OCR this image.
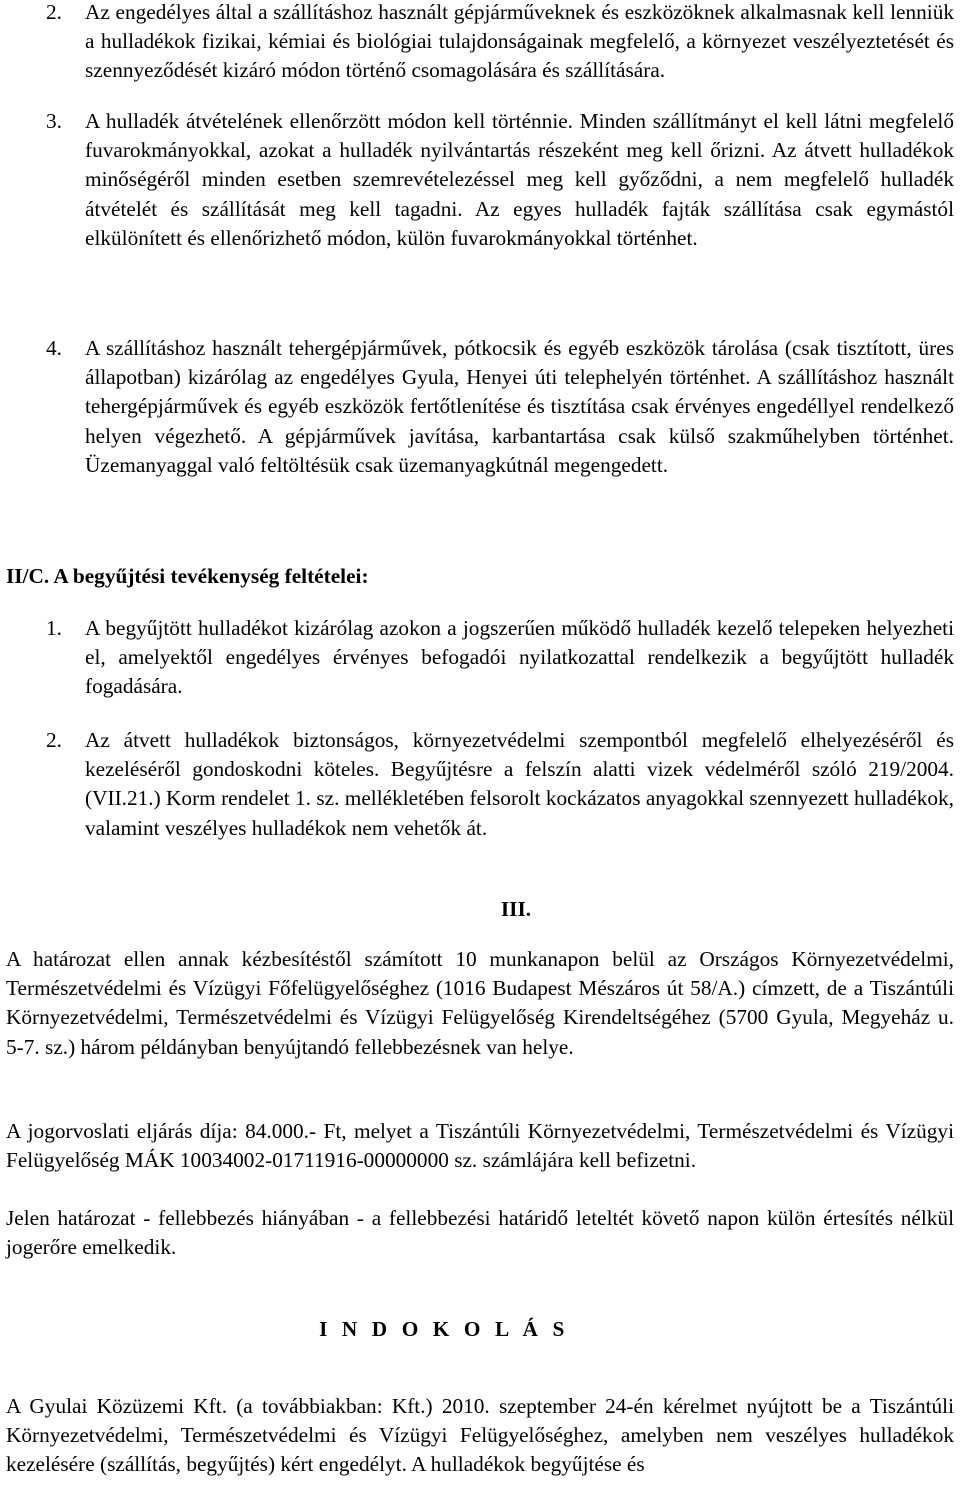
2.	Az engedélyes által a szállításhoz használt gépjárműveknek és eszközöknek alkalmasnak kell lenniük a hulladékok fizikai, kémiai és biológiai tulajdonságainak megfelelő, a környezet veszélyeztetését és szennyeződését kizáró módon történő csomagolására és szállítására.
3.	A hulladék átvételének ellenőrzött módon kell történnie. Minden szállítmányt el kell látni megfelelő fuvarokmányokkal, azokat a hulladék nyilvántartás részeként meg kell őrizni. Az átvett hulladékok minőségéről minden esetben szemrevételezéssel meg kell győződni, a nem megfelelő hulladék átvételét és szállítását meg kell tagadni. Az egyes hulladék fajták szállítása csak egymástól elkülönített és ellenőrizhető módon, külön fuvarokmányokkal történhet.
4.	A szállításhoz használt tehergépjárművek, pótkocsik és egyéb eszközök tárolása (csak tisztított, üres állapotban) kizárólag az engedélyes Gyula, Henyei úti telephelyén történhet. A szállításhoz használt tehergépjárművek és egyéb eszközök fertőtlenítése és tisztítása csak érvényes engedéllyel rendelkező helyen végezhető. A gépjárművek javítása, karbantartása csak külső szakműhelyben történhet. Üzemanyaggal való feltöltésük csak üzemanyagkútnál megengedett.
II/C. A begyűjtési tevékenység feltételei:
1.	A begyűjtött hulladékot kizárólag azokon a jogszerűen működő hulladék kezelő telepeken helyezheti el, amelyektől engedélyes érvényes befogadói nyilatkozattal rendelkezik a begyűjtött hulladék fogadására.
2.	Az átvett hulladékok biztonságos, környezetvédelmi szempontból megfelelő elhelyezéséről és kezeléséről gondoskodni köteles. Begyűjtésre a felszín alatti vizek védelméről szóló 219/2004.(VII.21.) Korm rendelet 1. sz. mellékletében felsorolt kockázatos anyagokkal szennyezett hulladékok, valamint veszélyes hulladékok nem vehetők át.
III.
A határozat ellen annak kézbesítéstől számított 10 munkanapon belül az Országos Környezetvédelmi, Természetvédelmi és Vízügyi Főfelügyelőséghez (1016 Budapest Mészáros út 58/A.) címzett, de a Tiszántúli Környezetvédelmi, Természetvédelmi és Vízügyi Felügyelőség Kirendeltségéhez (5700 Gyula, Megyeház u. 5-7. sz.) három példányban benyújtandó fellebbezésnek van helye.
A jogorvoslati eljárás díja: 84.000.- Ft, melyet a Tiszántúli Környezetvédelmi, Természetvédelmi és Vízügyi Felügyelőség MÁK 10034002-01711916-00000000 sz. számlájára kell befizetni.
Jelen határozat - fellebbezés hiányában - a fellebbezési határidő leteltét követő napon külön értesítés nélkül jogerőre emelkedik.
I N D O K O L Á S
A Gyulai Közüzemi Kft. (a továbbiakban: Kft.) 2010. szeptember 24-én kérelmet nyújtott be a Tiszántúli Környezetvédelmi, Természetvédelmi és Vízügyi Felügyelőséghez, amelyben nem veszélyes hulladékok kezelésére (szállítás, begyűjtés) kért engedélyt. A hulladékok begyűjtése és
